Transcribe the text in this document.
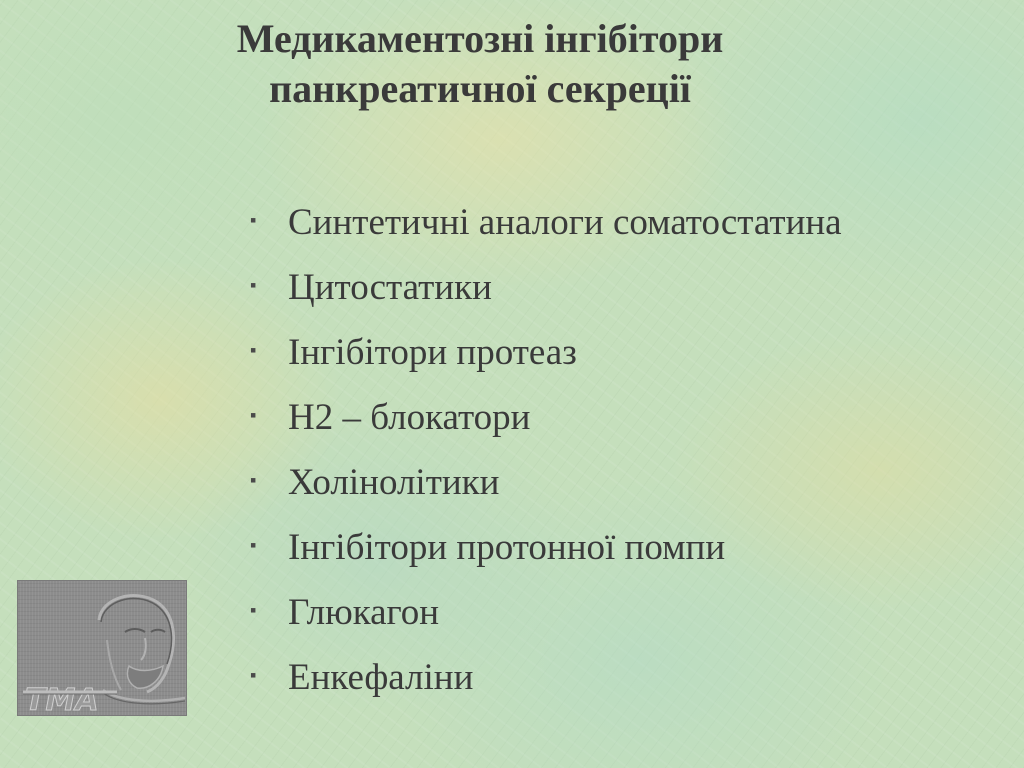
Медикаментозні інгібітори
панкреатичної секреції
▪ Синтетичні аналоги соматостатина
▪ Цитостатики
▪ Інгібітори протеаз
▪ Н2 – блокатори
▪ Холінолітики
▪ Інгібітори протонної помпи
▪ Глюкагон
▪ Енкефаліни
ТМА
